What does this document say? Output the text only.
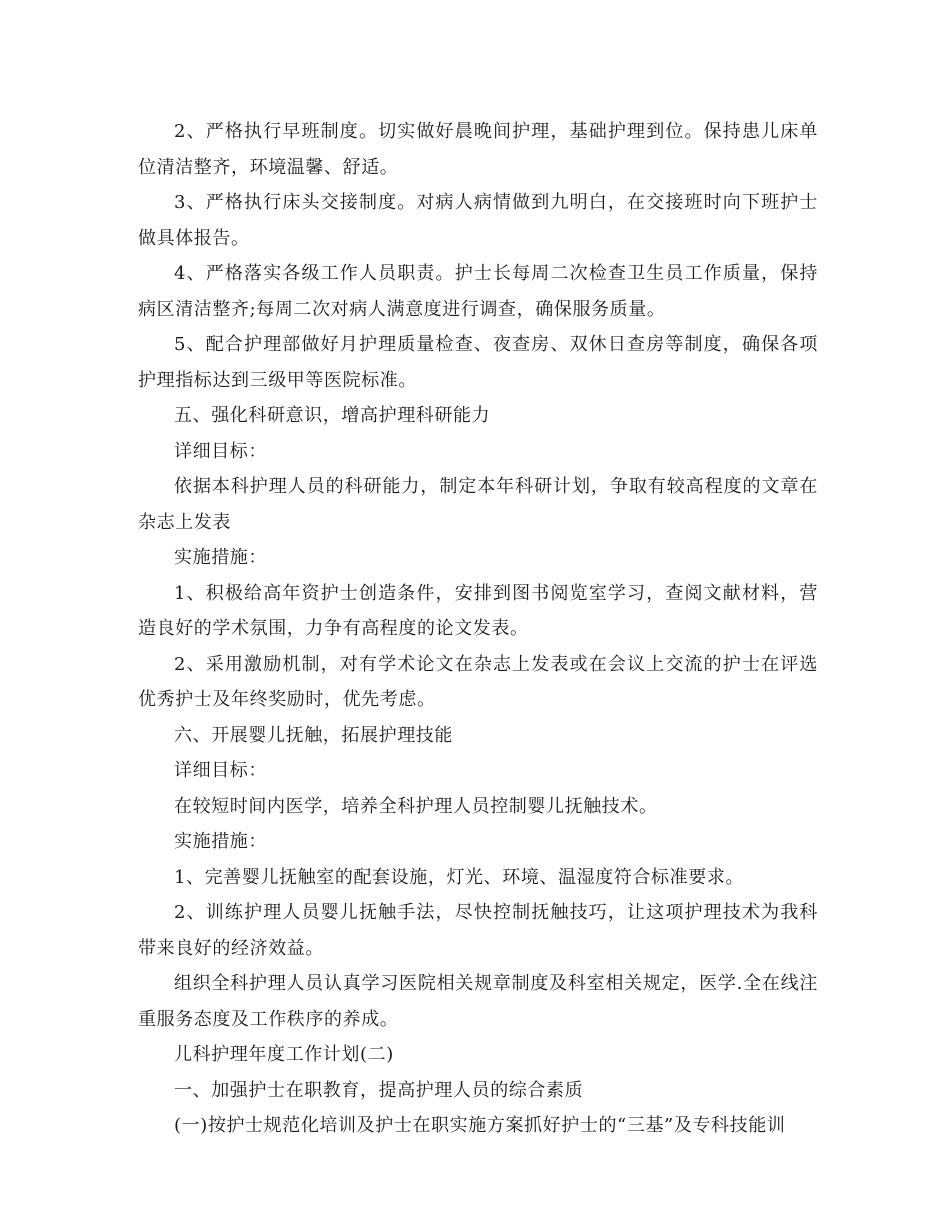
2、严格执行早班制度。切实做好晨晚间护理，基础护理到位。保持患儿床单位清洁整齐，环境温馨、舒适。

3、严格执行床头交接制度。对病人病情做到九明白，在交接班时向下班护士做具体报告。

4、严格落实各级工作人员职责。护士长每周二次检查卫生员工作质量，保持病区清洁整齐;每周二次对病人满意度进行调查，确保服务质量。

5、配合护理部做好月护理质量检查、夜查房、双休日查房等制度，确保各项护理指标达到三级甲等医院标准。

五、强化科研意识，增高护理科研能力

详细目标：

依据本科护理人员的科研能力，制定本年科研计划，争取有较高程度的文章在杂志上发表

实施措施：

1、积极给高年资护士创造条件，安排到图书阅览室学习，查阅文献材料，营造良好的学术氛围，力争有高程度的论文发表。

2、采用激励机制，对有学术论文在杂志上发表或在会议上交流的护士在评选优秀护士及年终奖励时，优先考虑。

六、开展婴儿抚触，拓展护理技能

详细目标：

在较短时间内医学，培养全科护理人员控制婴儿抚触技术。

实施措施：

1、完善婴儿抚触室的配套设施，灯光、环境、温湿度符合标准要求。

2、训练护理人员婴儿抚触手法，尽快控制抚触技巧，让这项护理技术为我科带来良好的经济效益。

组织全科护理人员认真学习医院相关规章制度及科室相关规定，医学.全在线注重服务态度及工作秩序的养成。

儿科护理年度工作计划(二)

一、加强护士在职教育，提高护理人员的综合素质

(一)按护士规范化培训及护士在职实施方案抓好护士的“三基”及专科技能训
